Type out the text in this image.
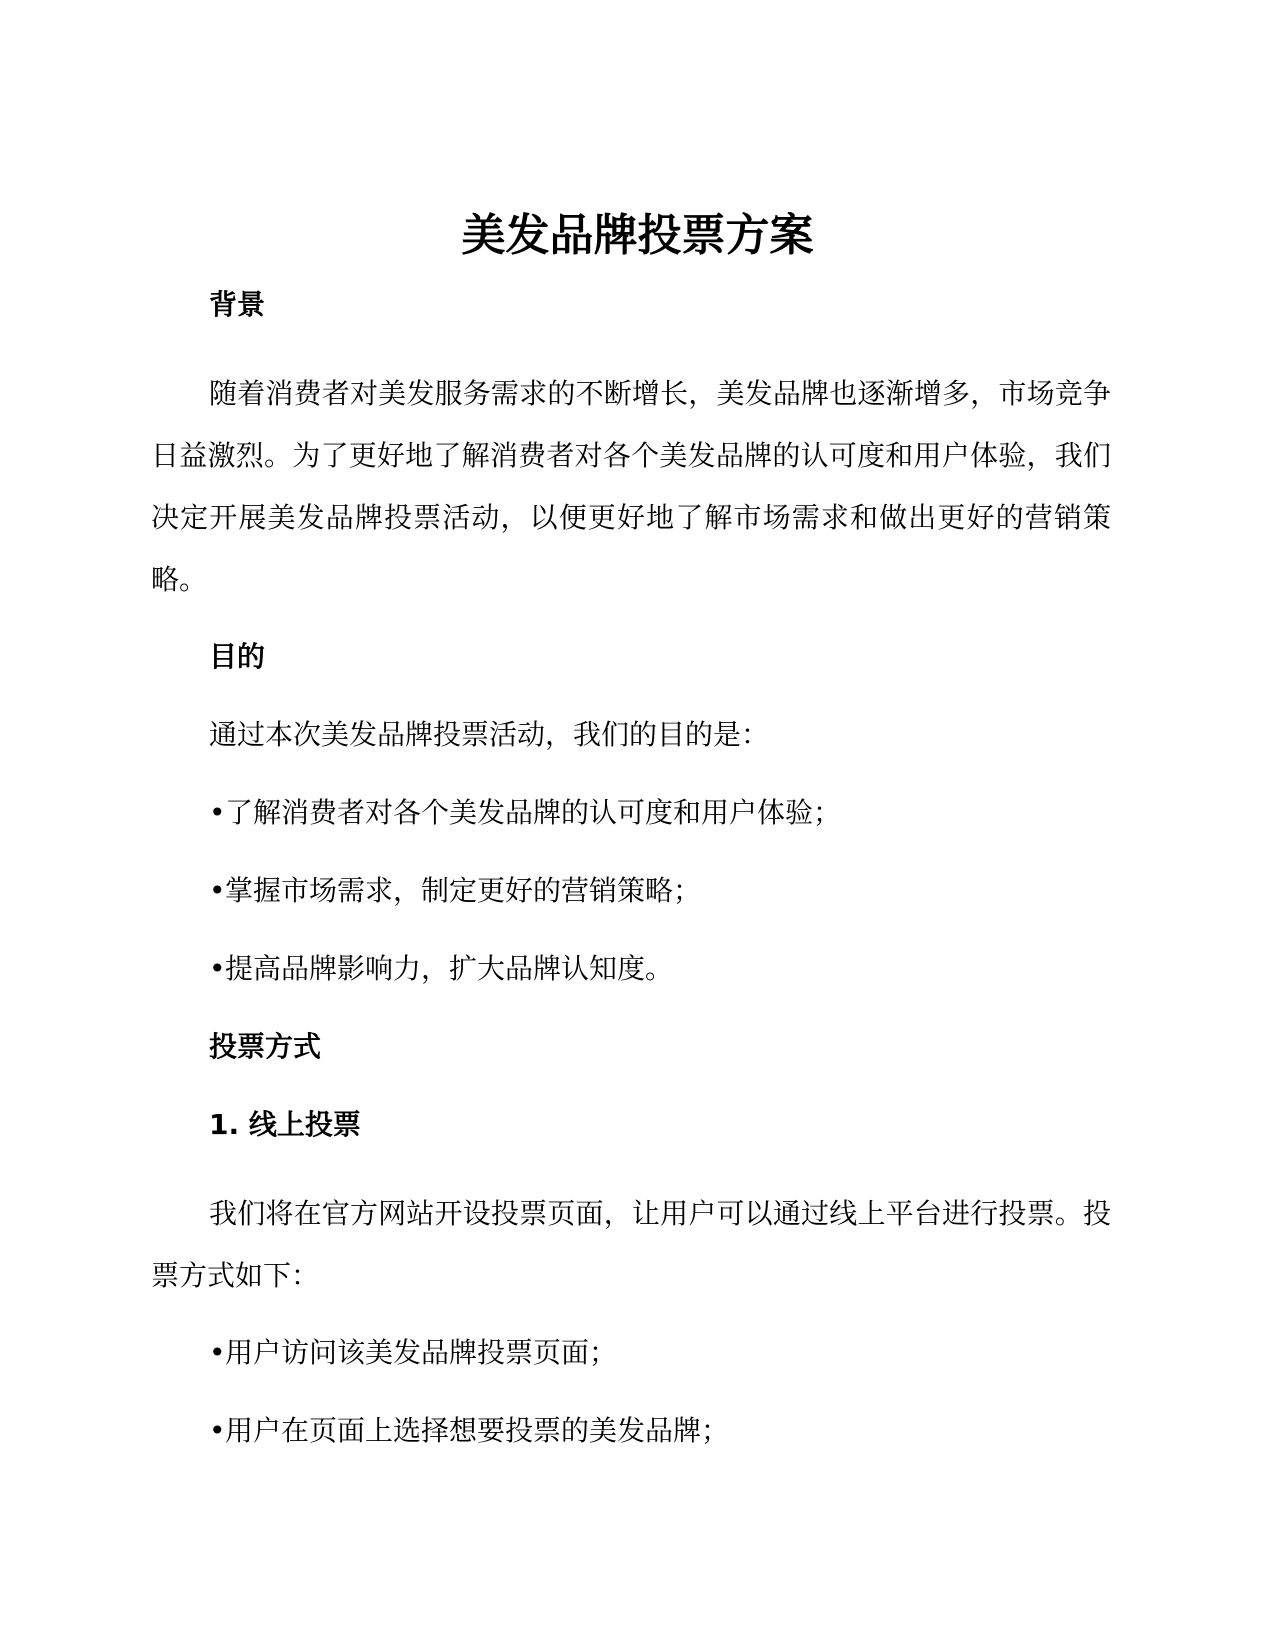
美发品牌投票方案
背景
随着消费者对美发服务需求的不断增长，美发品牌也逐渐增多，市场竞争日益激烈。为了更好地了解消费者对各个美发品牌的认可度和用户体验，我们决定开展美发品牌投票活动，以便更好地了解市场需求和做出更好的营销策略。
目的
通过本次美发品牌投票活动，我们的目的是：
•了解消费者对各个美发品牌的认可度和用户体验；
•掌握市场需求，制定更好的营销策略；
•提高品牌影响力，扩大品牌认知度。
投票方式
1. 线上投票
我们将在官方网站开设投票页面，让用户可以通过线上平台进行投票。投票方式如下：
•用户访问该美发品牌投票页面；
•用户在页面上选择想要投票的美发品牌；
